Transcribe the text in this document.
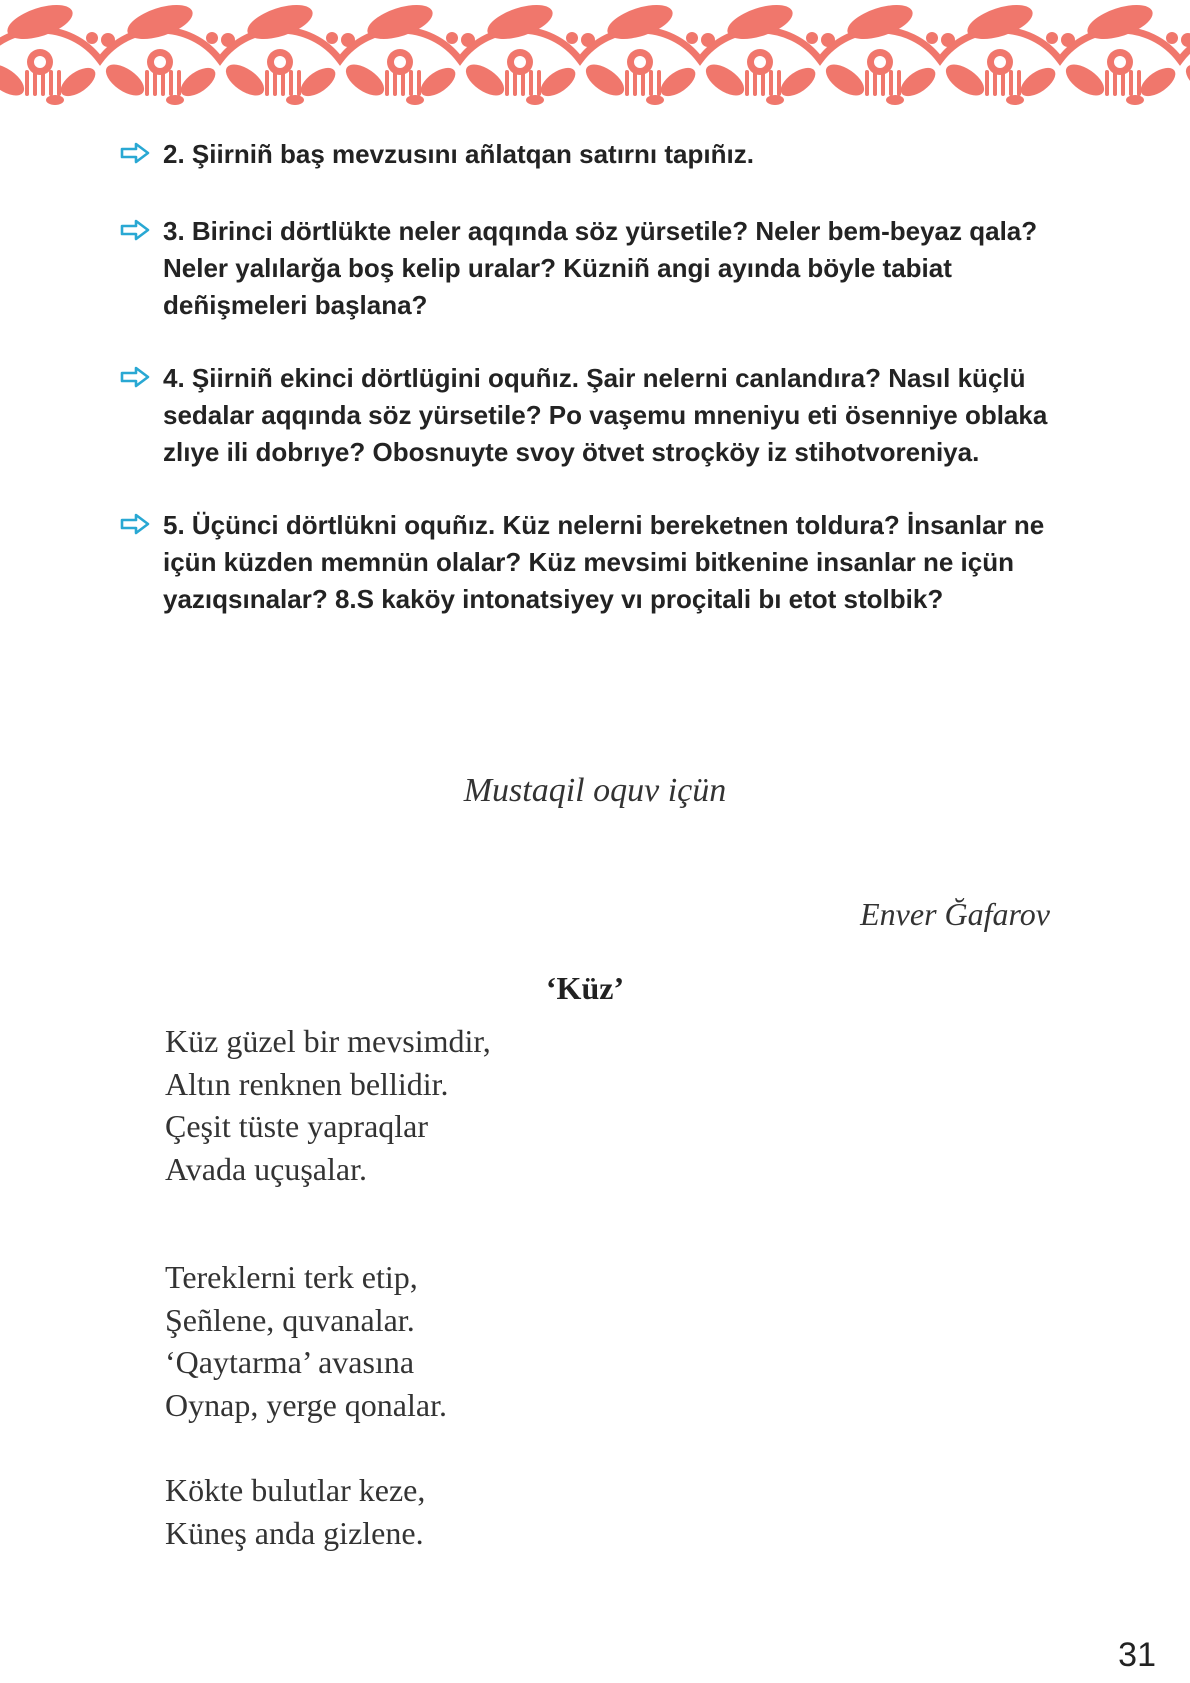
2. Şiirniñ baş mevzusını añlatqan satırnı tapıñız.
3. Birinci dörtlükte neler aqqında söz yürsetile? Neler bem-beyaz qala? Neler yalılarğa boş kelip uralar? Küzniñ angi ayında böyle tabiat deñişmeleri başlana?
4. Şiirniñ ekinci dörtlügini oquñız. Şair nelerni canlandıra? Nasıl küçlü sedalar aqqında söz yürsetile? Po vaşemu mneniyu eti ösenniye oblaka zlıye ili dobrıye? Obosnuyte svoy ötvet stroçköy iz stihotvoreniya.
5. Üçünci dörtlükni oquñız. Küz nelerni bereketnen toldura? İnsanlar ne içün küzden memnün olalar? Küz mevsimi bitkenine insanlar ne içün yazıqsınalar? 8.S kaköy intonatsiyey vı proçitali bı etot stolbik?
Mustaqil oquv içün
Enver Ğafarov
‘Küz’
Küz güzel bir mevsimdir,
Altın renknen bellidir.
Çeşit tüste yapraqlar
Avada uçuşalar.
Tereklerni terk etip,
Şeñlene, quvanalar.
‘Qaytarma’ avasına
Oynap, yerge qonalar.
Kökte bulutlar keze,
Küneş anda gizlene.
31
